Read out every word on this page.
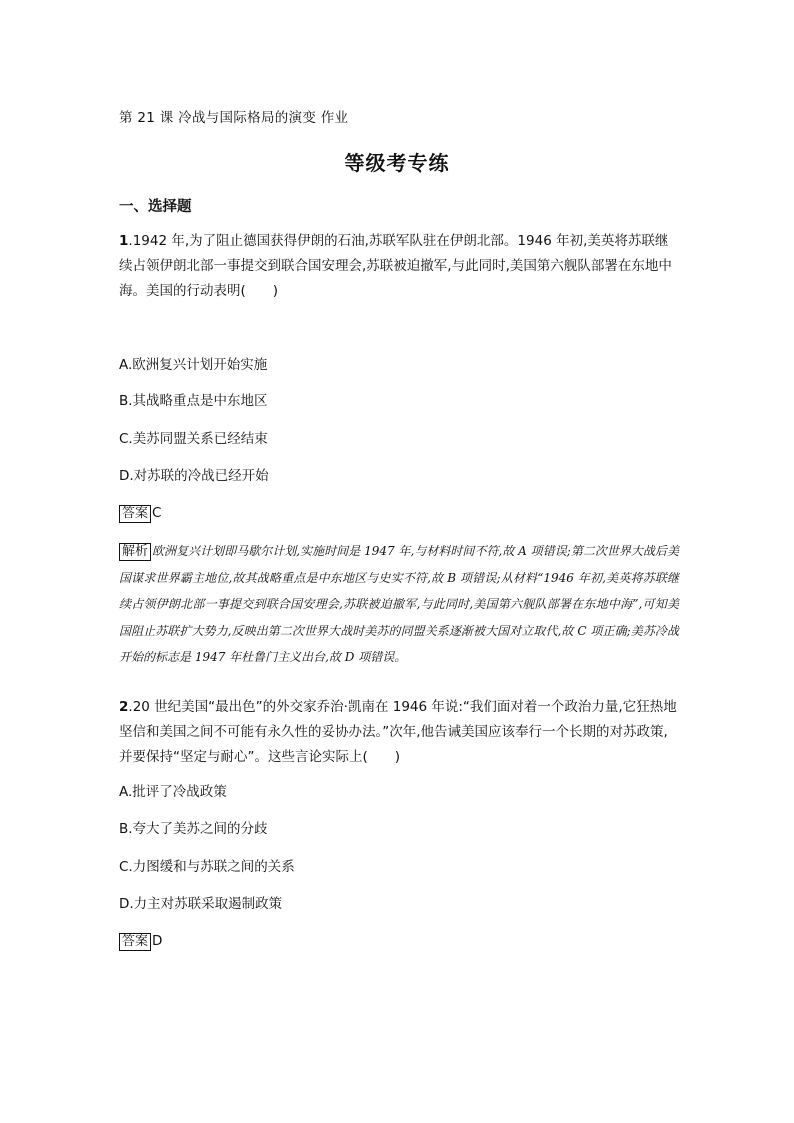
第 21 课 冷战与国际格局的演变 作业
等级考专练
一、选择题
1.1942 年,为了阻止德国获得伊朗的石油,苏联军队驻在伊朗北部。1946 年初,美英将苏联继续占领伊朗北部一事提交到联合国安理会,苏联被迫撤军,与此同时,美国第六舰队部署在东地中海。美国的行动表明(　　)
A.欧洲复兴计划开始实施
B.其战略重点是中东地区
C.美苏同盟关系已经结束
D.对苏联的冷战已经开始
答案 C
解析 欧洲复兴计划即马歇尔计划,实施时间是 1947 年,与材料时间不符,故 A 项错误;第二次世界大战后美国谋求世界霸主地位,故其战略重点是中东地区与史实不符,故 B 项错误;从材料“1946 年初,美英将苏联继续占领伊朗北部一事提交到联合国安理会,苏联被迫撤军,与此同时,美国第六舰队部署在东地中海”,可知美国阻止苏联扩大势力,反映出第二次世界大战时美苏的同盟关系逐渐被大国对立取代,故 C 项正确;美苏冷战开始的标志是 1947 年杜鲁门主义出台,故 D 项错误。
2.20 世纪美国“最出色”的外交家乔治·凯南在 1946 年说:“我们面对着一个政治力量,它狂热地坚信和美国之间不可能有永久性的妥协办法。”次年,他告诫美国应该奉行一个长期的对苏政策,并要保持“坚定与耐心”。这些言论实际上(　　)
A.批评了冷战政策
B.夸大了美苏之间的分歧
C.力图缓和与苏联之间的关系
D.力主对苏联采取遏制政策
答案 D
